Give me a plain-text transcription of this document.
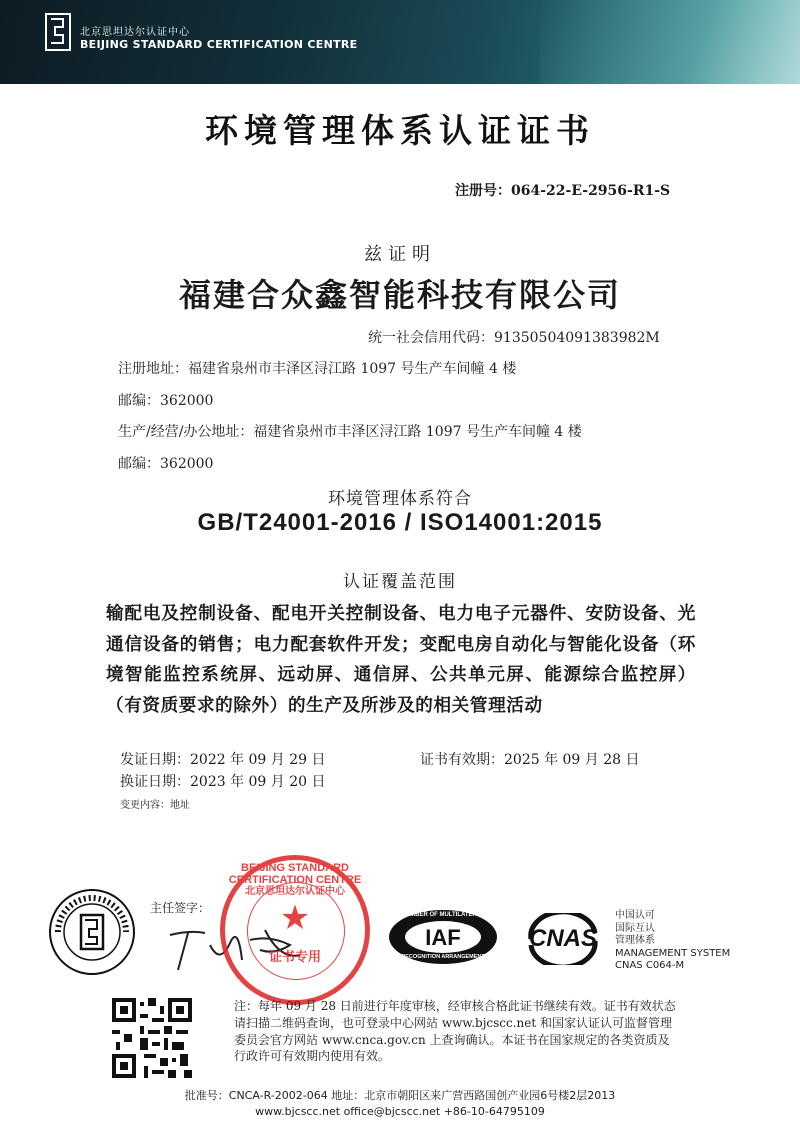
北京思坦达尔认证中心
BEIJING STANDARD CERTIFICATION CENTRE
环境管理体系认证证书
注册号：064-22-E-2956-R1-S
兹证明
福建合众鑫智能科技有限公司
统一社会信用代码：913505040913839​82M
注册地址：福建省泉州市丰泽区浔江路 1097 号生产车间幢 4 楼
邮编：362000
生产/经营/办公地址：福建省泉州市丰泽区浔江路 1097 号生产车间幢 4 楼
邮编：362000
环境管理体系符合
GB/T24001-2016 / ISO14001:2015
认证覆盖范围
输配电及控制设备、配电开关控制设备、电力电子元器件、安防设备、光通信设备的销售；电力配套软件开发；变配电房自动化与智能化设备（环境智能监控系统屏、远动屏、通信屏、公共单元屏、能源综合监控屏）（有资质要求的除外）的生产及所涉及的相关管理活动
发证日期：2022 年 09 月 29 日	证书有效期：2025 年 09 月 28 日
换证日期：2023 年 09 月 20 日
变更内容：地址
主任签字：
BEIJING STANDARD CERTIFICATION CENTRE
★
北京思坦达尔认证中心
证书专用
MEMBER OF MULTILATERAL
IAF
RECOGNITION ARRANGEMENT
CNAS
中国认可
国际互认
管理体系
MANAGEMENT SYSTEM
CNAS C064-M
注：每年 09 月 28 日前进行年度审核，经审核合格此证书继续有效。证书有效状态请扫描二维码查询，也可登录中心网站 www.bjcscc.net 和国家认证认可监督管理委员会官方网站 www.cnca.gov.cn 上查询确认。本证书在国家规定的各类资质及行政许可有效期内使用有效。
批准号：CNCA-R-2002-064 地址：北京市朝阳区来广营西路国创产业园6号楼2层2013
www.bjcscc.net office@bjcscc.net +86-10-64795109
